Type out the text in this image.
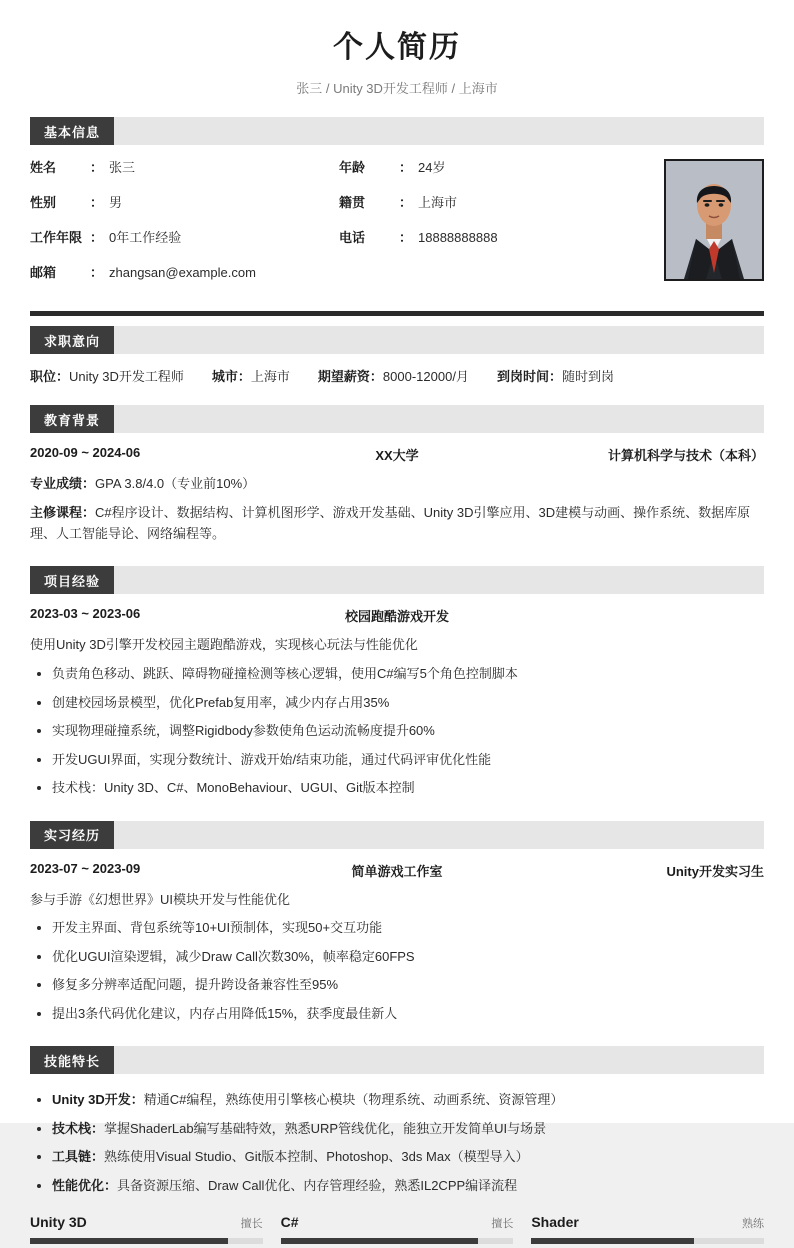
个人简历
张三 / Unity 3D开发工程师 / 上海市
基本信息
姓名	： 张三	年龄	： 24岁
性别	： 男	籍贯	： 上海市
工作年限 ： 0年工作经验	电话	： 18888888888
邮箱	： zhangsan@example.com
求职意向
职位：Unity 3D开发工程师 城市：上海市 期望薪资：8000-12000/月 到岗时间：随时到岗
教育背景
2020-09 ~ 2024-06	XX大学	计算机科学与技术（本科）
专业成绩：GPA 3.8/4.0（专业前10%）
主修课程：C#程序设计、数据结构、计算机图形学、游戏开发基础、Unity 3D引擎应用、3D建模与动画、操作系统、数据库原理、人工智能导论、网络编程等。
项目经验
2023-03 ~ 2023-06	校园跑酷游戏开发
使用Unity 3D引擎开发校园主题跑酷游戏，实现核心玩法与性能优化
• 负责角色移动、跳跃、障碍物碰撞检测等核心逻辑，使用C#编写5个角色控制脚本
• 创建校园场景模型，优化Prefab复用率，减少内存占用35%
• 实现物理碰撞系统，调整Rigidbody参数使角色运动流畅度提升60%
• 开发UGUI界面，实现分数统计、游戏开始/结束功能，通过代码评审优化性能
• 技术栈：Unity 3D、C#、MonoBehaviour、UGUI、Git版本控制
实习经历
2023-07 ~ 2023-09	简单游戏工作室	Unity开发实习生
参与手游《幻想世界》UI模块开发与性能优化
• 开发主界面、背包系统等10+UI预制体，实现50+交互功能
• 优化UGUI渲染逻辑，减少Draw Call次数30%，帧率稳定60FPS
• 修复多分辨率适配问题，提升跨设备兼容性至95%
• 提出3条代码优化建议，内存占用降低15%，获季度最佳新人
技能特长
• Unity 3D开发：精通C#编程，熟练使用引擎核心模块（物理系统、动画系统、资源管理）
• 技术栈：掌握ShaderLab编写基础特效，熟悉URP管线优化，能独立开发简单UI与场景
• 工具链：熟练使用Visual Studio、Git版本控制、Photoshop、3ds Max（模型导入）
• 性能优化：具备资源压缩、Draw Call优化、内存管理经验，熟悉IL2CPP编译流程
Unity 3D	擅长 C#	擅长 Shader	熟练
